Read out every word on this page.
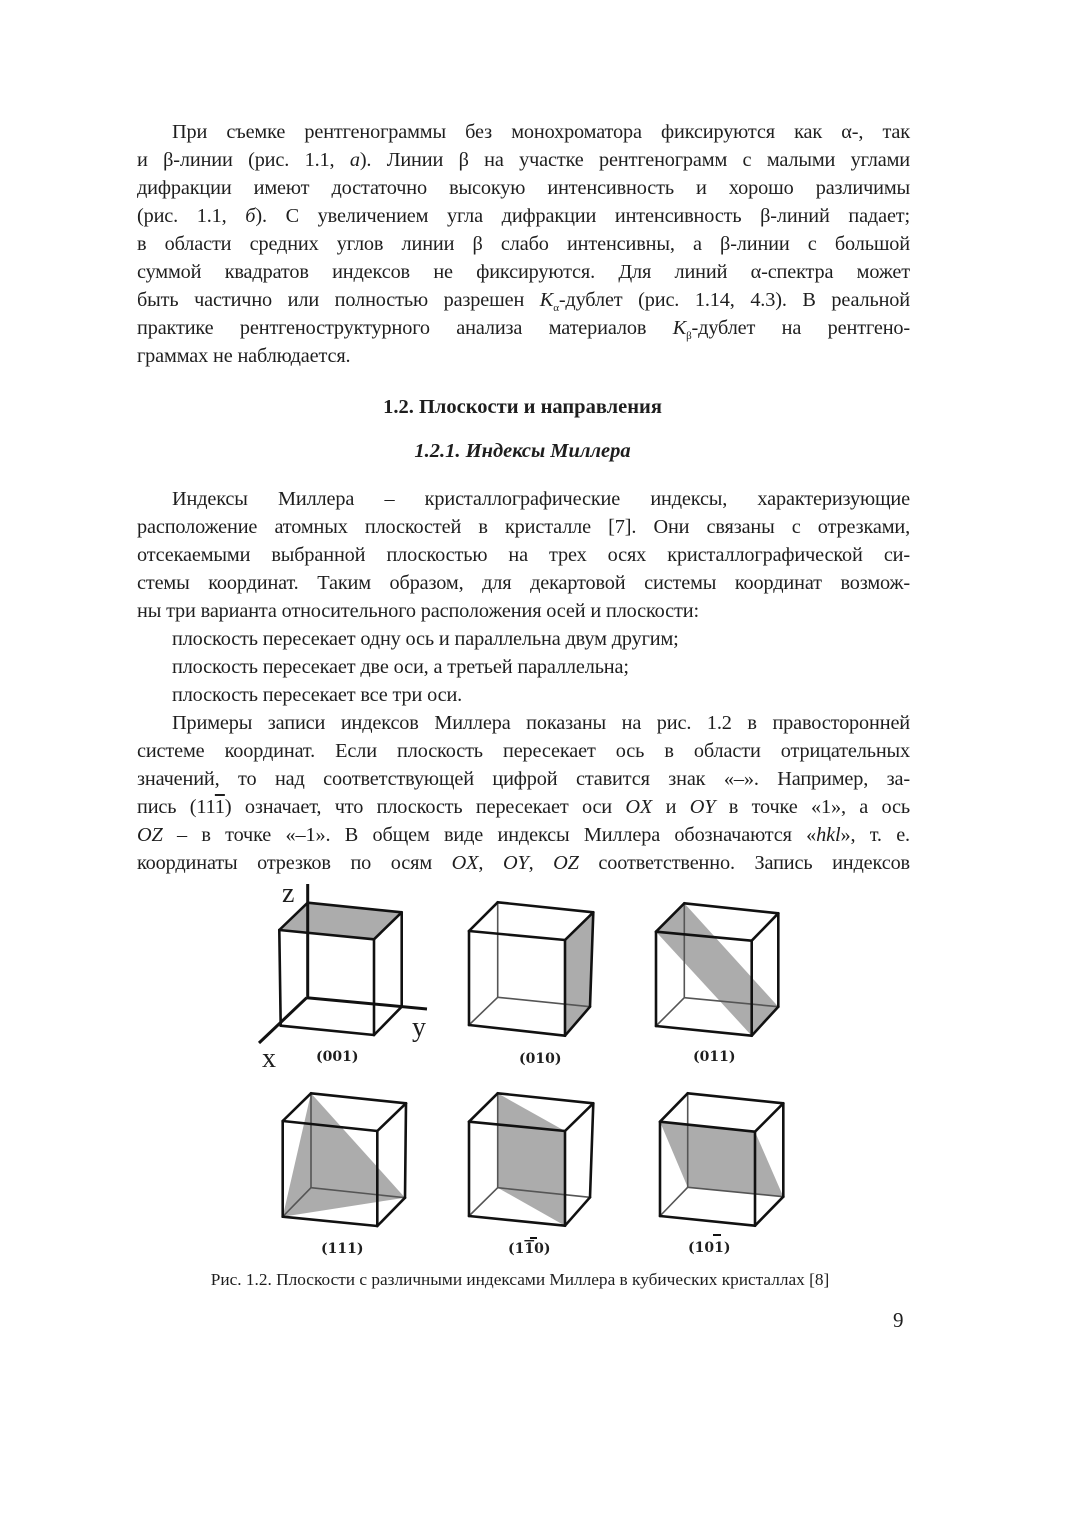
При съемке рентгенограммы без монохроматора фиксируются как α-, так
и β-линии (рис. 1.1, а). Линии β на участке рентгенограмм с малыми углами
дифракции имеют достаточно высокую интенсивность и хорошо различимы
(рис. 1.1, б). С увеличением угла дифракции интенсивность β-линий падает;
в области средних углов линии β слабо интенсивны, а β-линии с большой
суммой квадратов индексов не фиксируются. Для линий α-спектра может
быть частично или полностью разрешен $K_\alpha$-дублет (рис. 1.14, 4.3). В реальной
практике рентгеноструктурного анализа материалов $K_\beta$-дублет на рентгено-
граммах не наблюдается.
1.2. Плоскости и направления
1.2.1. Индексы Миллера
Индексы Миллера – кристаллографические индексы, характеризующие
расположение атомных плоскостей в кристалле [7]. Они связаны с отрезками,
отсекаемыми выбранной плоскостью на трех осях кристаллографической си-
стемы координат. Таким образом, для декартовой системы координат возмож-
ны три варианта относительного расположения осей и плоскости:
плоскость пересекает одну ось и параллельна двум другим;
плоскость пересекает две оси, а третьей параллельна;
плоскость пересекает все три оси.
Примеры записи индексов Миллера показаны на рис. 1.2 в правосторонней
системе координат. Если плоскость пересекает ось в области отрицательных
значений, то над соответствующей цифрой ставится знак «–». Например, за-
пись (111) означает, что плоскость пересекает оси OX и OY в точке «1», а ось
OZ – в точке «–1». В общем виде индексы Миллера обозначаются «hkl», т. е.
координаты отрезков по осям OX, OY, OZ соответственно. Запись индексов
z
y
x	(001)	(010)	(011)
(111)	(110)	(101)
Рис. 1.2. Плоскости с различными индексами Миллера в кубических кристаллах [8]
9
